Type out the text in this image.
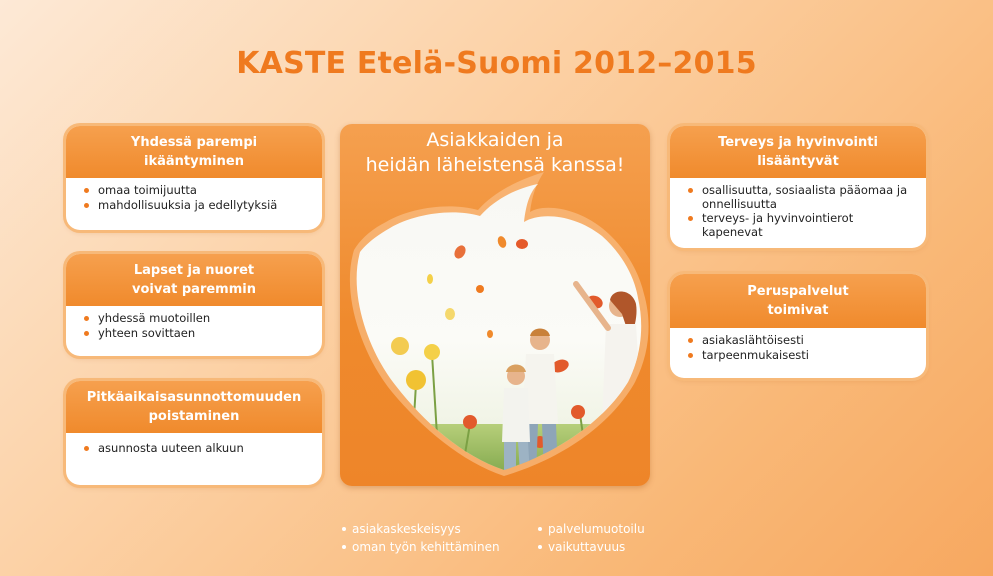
KASTE Etelä-Suomi 2012–2015
Yhdessä parempi
ikääntyminen
omaa toimijuutta
mahdollisuuksia ja edellytyksiä
Lapset ja nuoret
voivat paremmin
yhdessä muotoillen
yhteen sovittaen
Pitkäaikaisasunnottomuuden
poistaminen
asunnosta uuteen alkuun
Asiakkaiden ja
heidän läheistensä kanssa!
Terveys ja hyvinvointi
lisääntyvät
osallisuutta, sosiaalista pääomaa ja onnellisuutta
terveys- ja hyvinvointierot kapenevat
Peruspalvelut
toimivat
asiakaslähtöisesti
tarpeenmukaisesti
asiakaskeskeisyys
oman työn kehittäminen
palvelumuotoilu
vaikuttavuus
